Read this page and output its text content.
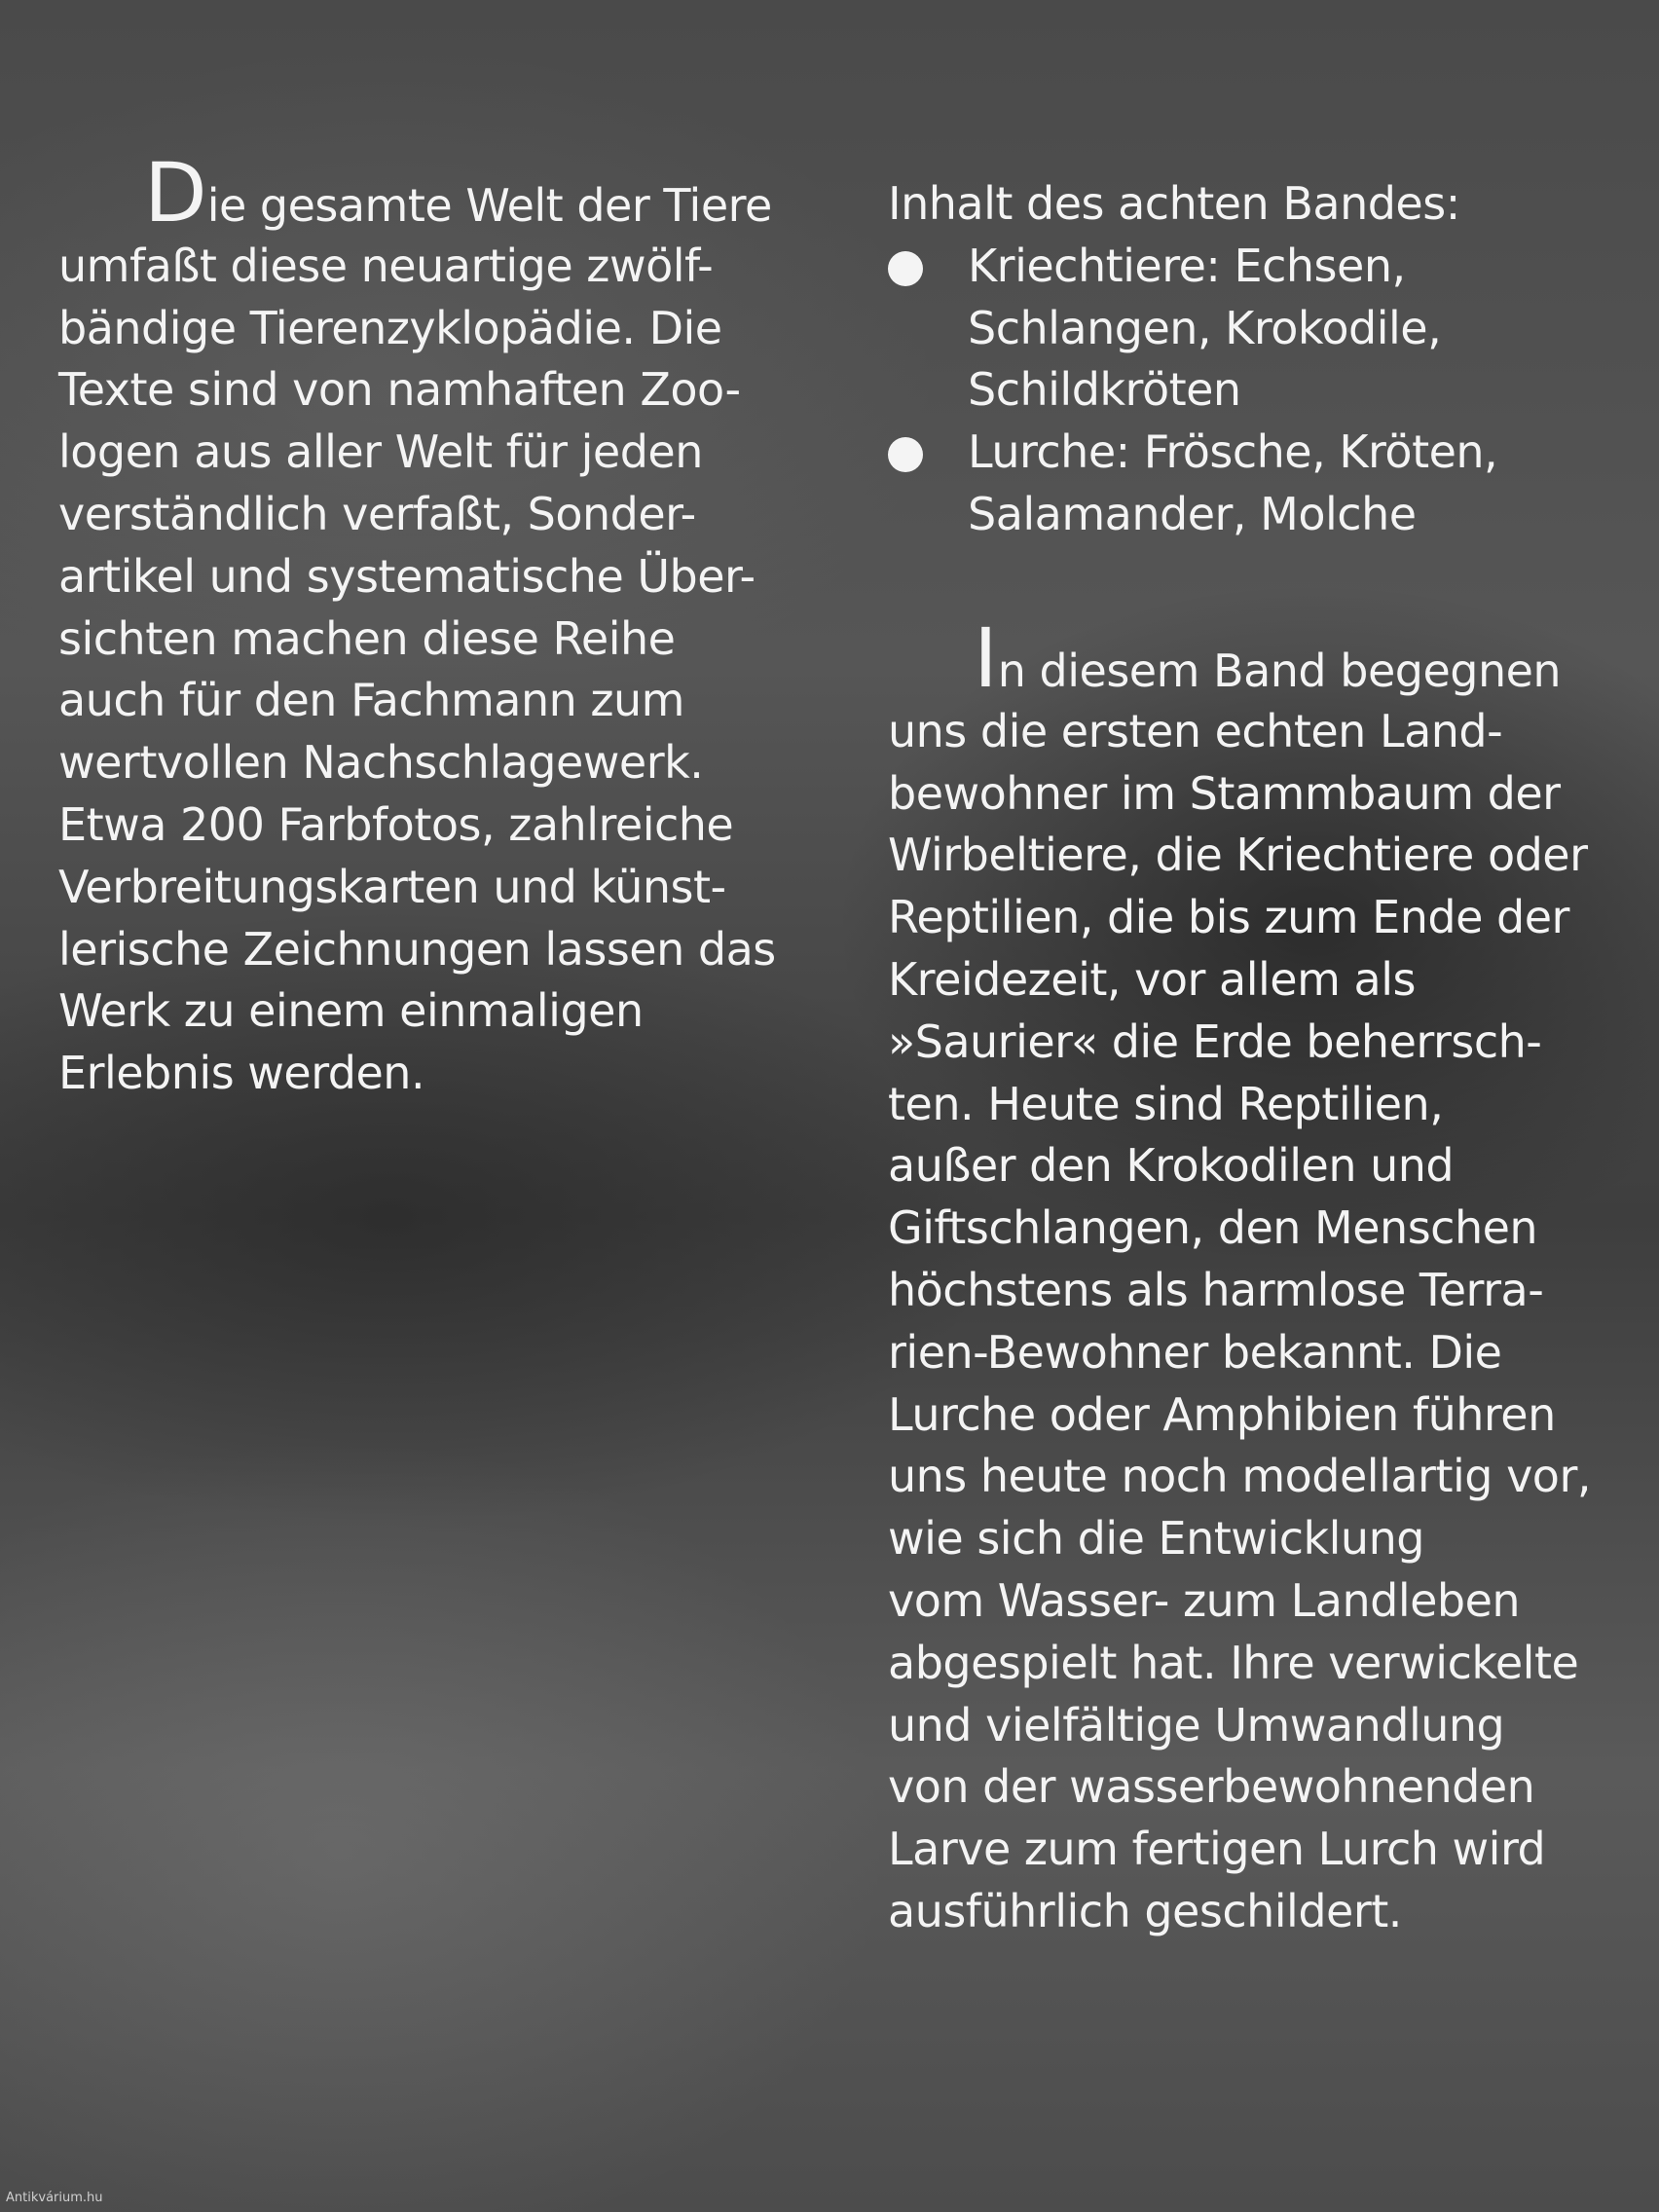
Die gesamte Welt der Tiere
umfaßt diese neuartige zwölf-
bändige Tierenzyklopädie. Die
Texte sind von namhaften Zoo-
logen aus aller Welt für jeden
verständlich verfaßt, Sonder-
artikel und systematische Über-
sichten machen diese Reihe
auch für den Fachmann zum
wertvollen Nachschlagewerk.
Etwa 200 Farbfotos, zahlreiche
Verbreitungskarten und künst-
lerische Zeichnungen lassen das
Werk zu einem einmaligen
Erlebnis werden.
Inhalt des achten Bandes:
Kriechtiere: Echsen,
Schlangen, Krokodile,
Schildkröten
Lurche: Frösche, Kröten,
Salamander, Molche
In diesem Band begegnen
uns die ersten echten Land-
bewohner im Stammbaum der
Wirbeltiere, die Kriechtiere oder
Reptilien, die bis zum Ende der
Kreidezeit, vor allem als
»Saurier« die Erde beherrsch-
ten. Heute sind Reptilien,
außer den Krokodilen und
Giftschlangen, den Menschen
höchstens als harmlose Terra-
rien-Bewohner bekannt. Die
Lurche oder Amphibien führen
uns heute noch modellartig vor,
wie sich die Entwicklung
vom Wasser- zum Landleben
abgespielt hat. Ihre verwickelte
und vielfältige Umwandlung
von der wasserbewohnenden
Larve zum fertigen Lurch wird
ausführlich geschildert.
Antikvárium.hu
